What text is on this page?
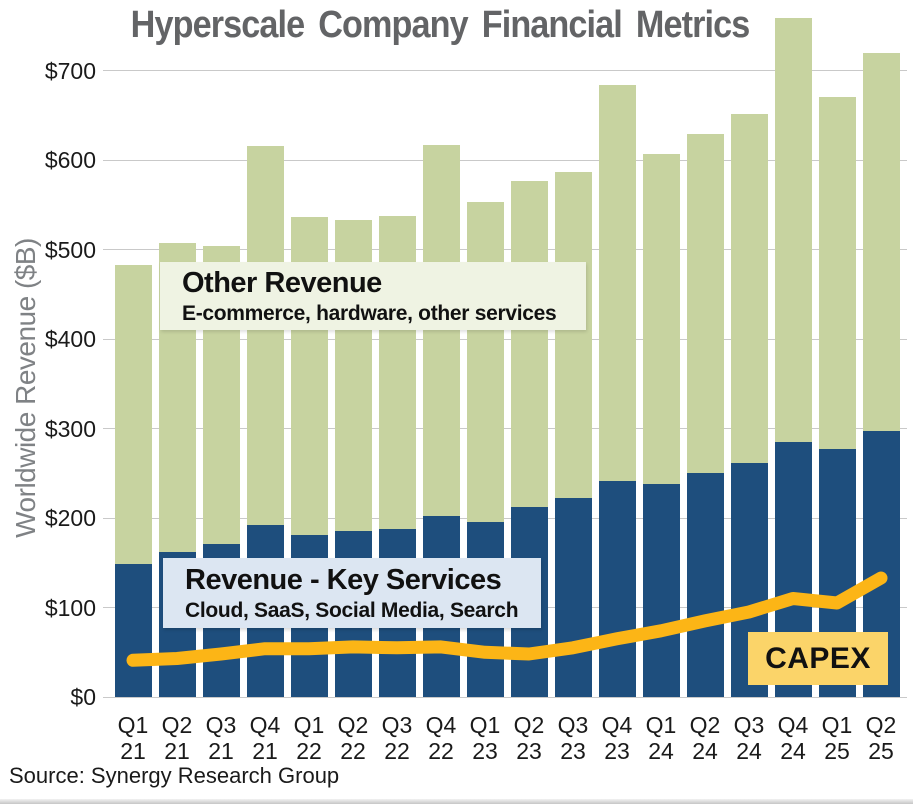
Hyperscale Company Financial Metrics
Worldwide Revenue ($B)
$0
$100
$200
$300
$400
$500
$600
$700
Q1
21
Q2
21
Q3
21
Q4
21
Q1
22
Q2
22
Q3
22
Q4
22
Q1
23
Q2
23
Q3
23
Q4
23
Q1
24
Q2
24
Q3
24
Q4
24
Q1
25
Q2
25
Other Revenue
E-commerce, hardware, other services
Revenue - Key Services
Cloud, SaaS, Social Media, Search
CAPEX
Source: Synergy Research Group
